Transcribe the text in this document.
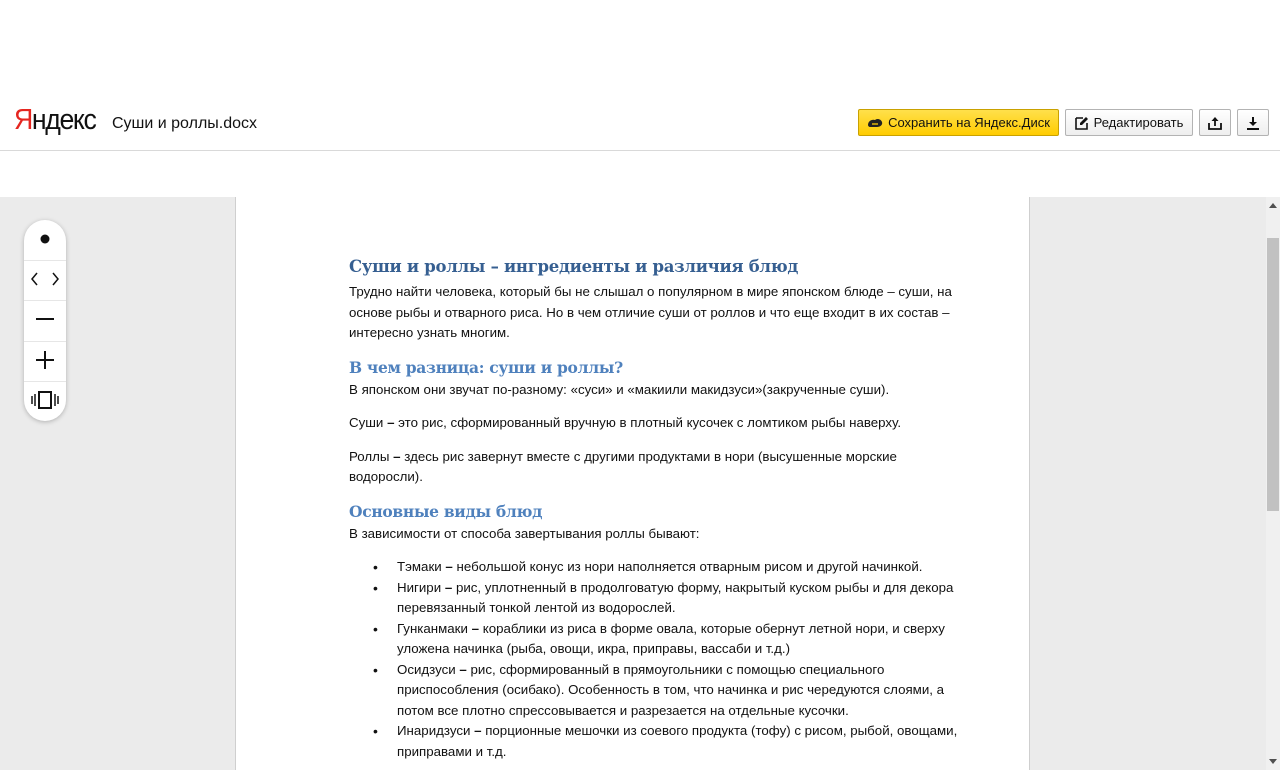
Яндекс Суши и роллы.docx	Сохранить на Яндекс.Диск	Редактировать
Суши и роллы – ингредиенты и различия блюд

Трудно найти человека, который бы не слышал о популярном в мире японском блюде – суши, на основе рыбы и отварного риса. Но в чем отличие суши от роллов и что еще входит в их состав – интересно узнать многим.

В чем разница: суши и роллы?

В японском они звучат по-разному: «суси» и «макиили макидзуси»(закрученные суши).

Суши – это рис, сформированный вручную в плотный кусочек с ломтиком рыбы наверху.

Роллы – здесь рис завернут вместе с другими продуктами в нори (высушенные морские водоросли).

Основные виды блюд

В зависимости от способа завертывания роллы бывают:

• Тэмаки – небольшой конус из нори наполняется отварным рисом и другой начинкой.
• Нигири – рис, уплотненный в продолговатую форму, накрытый куском рыбы и для декора перевязанный тонкой лентой из водорослей.
• Гунканмаки – кораблики из риса в форме овала, которые обернут летной нори, и сверху уложена начинка (рыба, овощи, икра, приправы, вассаби и т.д.)
• Осидзуси – рис, сформированный в прямоугольники с помощью специального приспособления (осибако). Особенность в том, что начинка и рис чередуются слоями, а потом все плотно спрессовывается и разрезается на отдельные кусочки.
• Инаридзуси – порционные мешочки из соевого продукта (тофу) с рисом, рыбой, овощами, приправами и т.д.
